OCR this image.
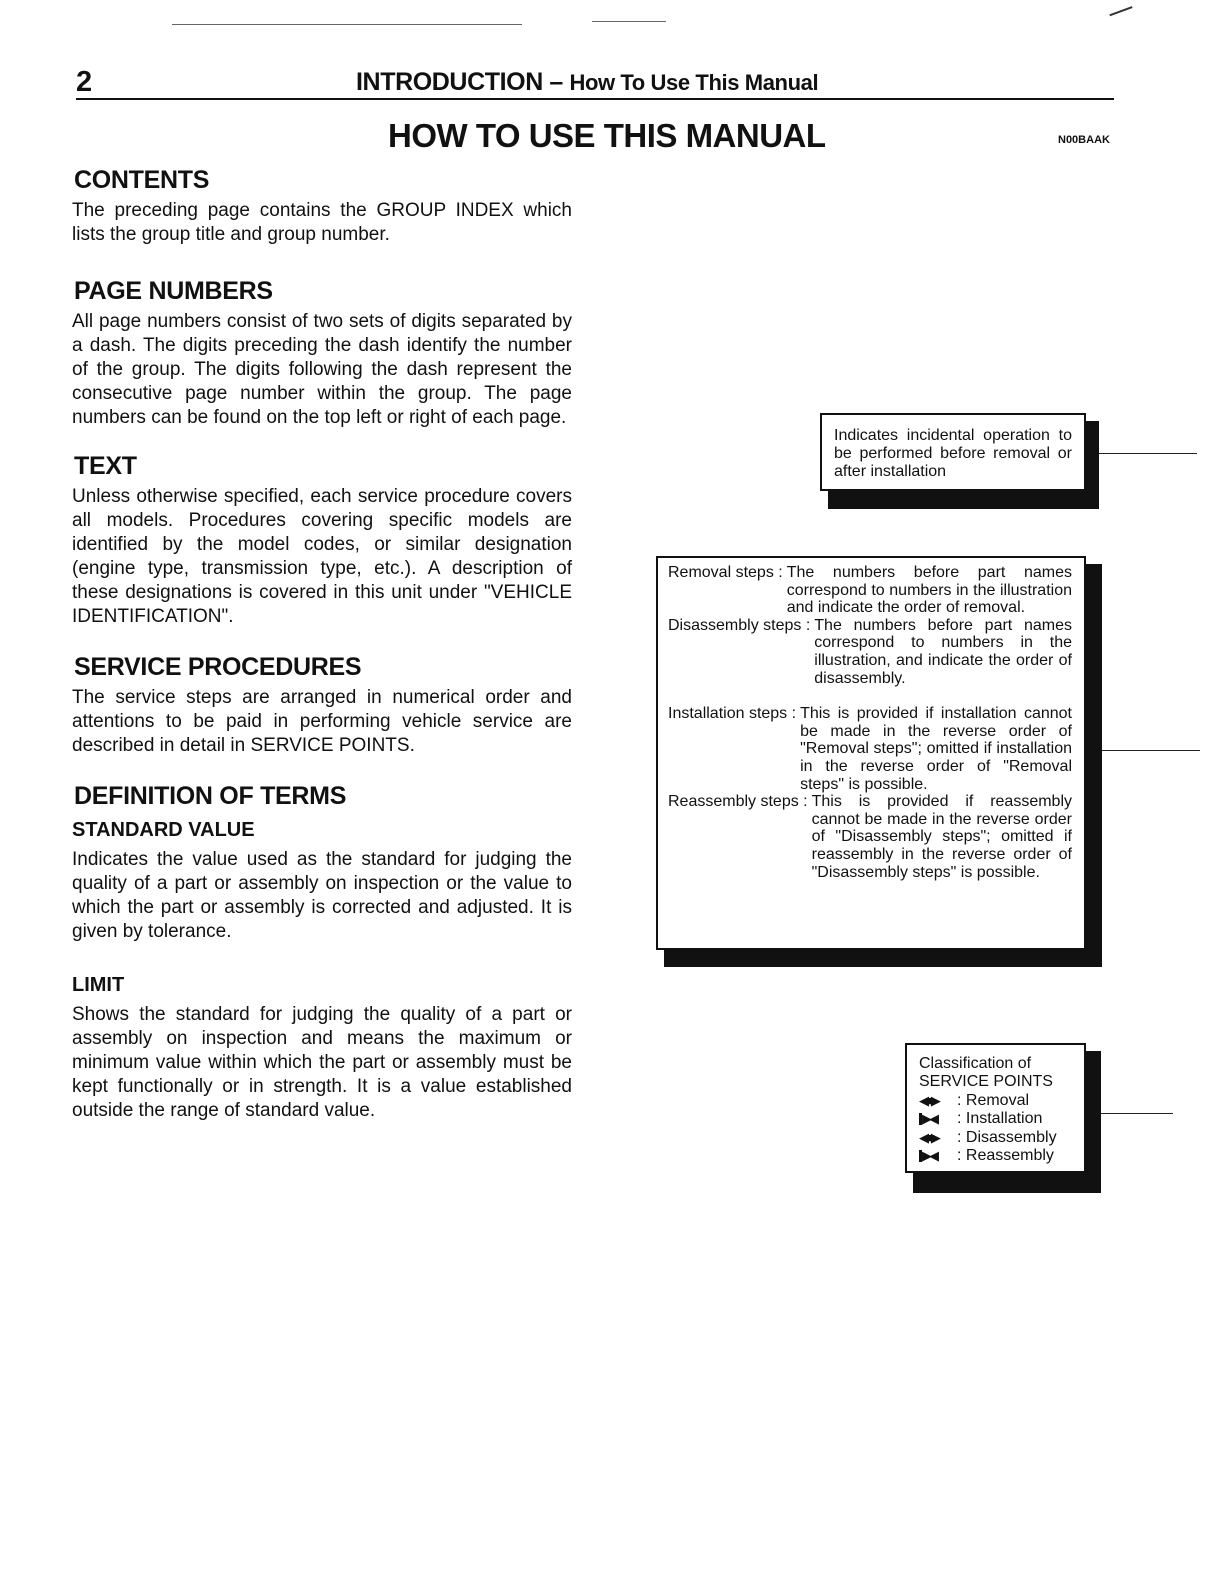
2	INTRODUCTION – How To Use This Manual
HOW TO USE THIS MANUAL	N00BAAK
CONTENTS

The preceding page contains the GROUP INDEX which lists the group title and group number.

PAGE NUMBERS

All page numbers consist of two sets of digits separated by a dash. The digits preceding the dash identify the number of the group. The digits following the dash represent the consecutive page number within the group. The page numbers can be found on the top left or right of each page.

TEXT

Unless otherwise specified, each service procedure covers all models. Procedures covering specific models are identified by the model codes, or similar designation (engine type, transmission type, etc.). A description of these designations is covered in this unit under "VEHICLE IDENTIFICATION".

SERVICE PROCEDURES

The service steps are arranged in numerical order and attentions to be paid in performing vehicle service are described in detail in SERVICE POINTS.

DEFINITION OF TERMS
STANDARD VALUE

Indicates the value used as the standard for judging the quality of a part or assembly on inspection or the value to which the part or assembly is corrected and adjusted. It is given by tolerance.

LIMIT

Shows the standard for judging the quality of a part or assembly on inspection and means the maximum or minimum value within which the part or assembly must be kept functionally or in strength. It is a value established outside the range of standard value.

Indicates incidental operation to be performed before removal or after installation

Removal steps : The numbers before part names correspond to numbers in the illustration and indicate the order of removal.
Disassembly steps : The numbers before part names correspond to numbers in the illustration, and indicate the order of disassembly.
Installation steps : This is provided if installation cannot be made in the reverse order of "Removal steps"; omitted if installation in the reverse order of "Removal steps" is possible.
Reassembly steps : This is provided if reassembly cannot be made in the reverse order of "Disassembly steps"; omitted if reassembly in the reverse order of "Disassembly steps" is possible.
Classification of
SERVICE POINTS
◀■▶ : Removal
▶◀ : Installation
◀■▶ : Disassembly
▶◀ : Reassembly
